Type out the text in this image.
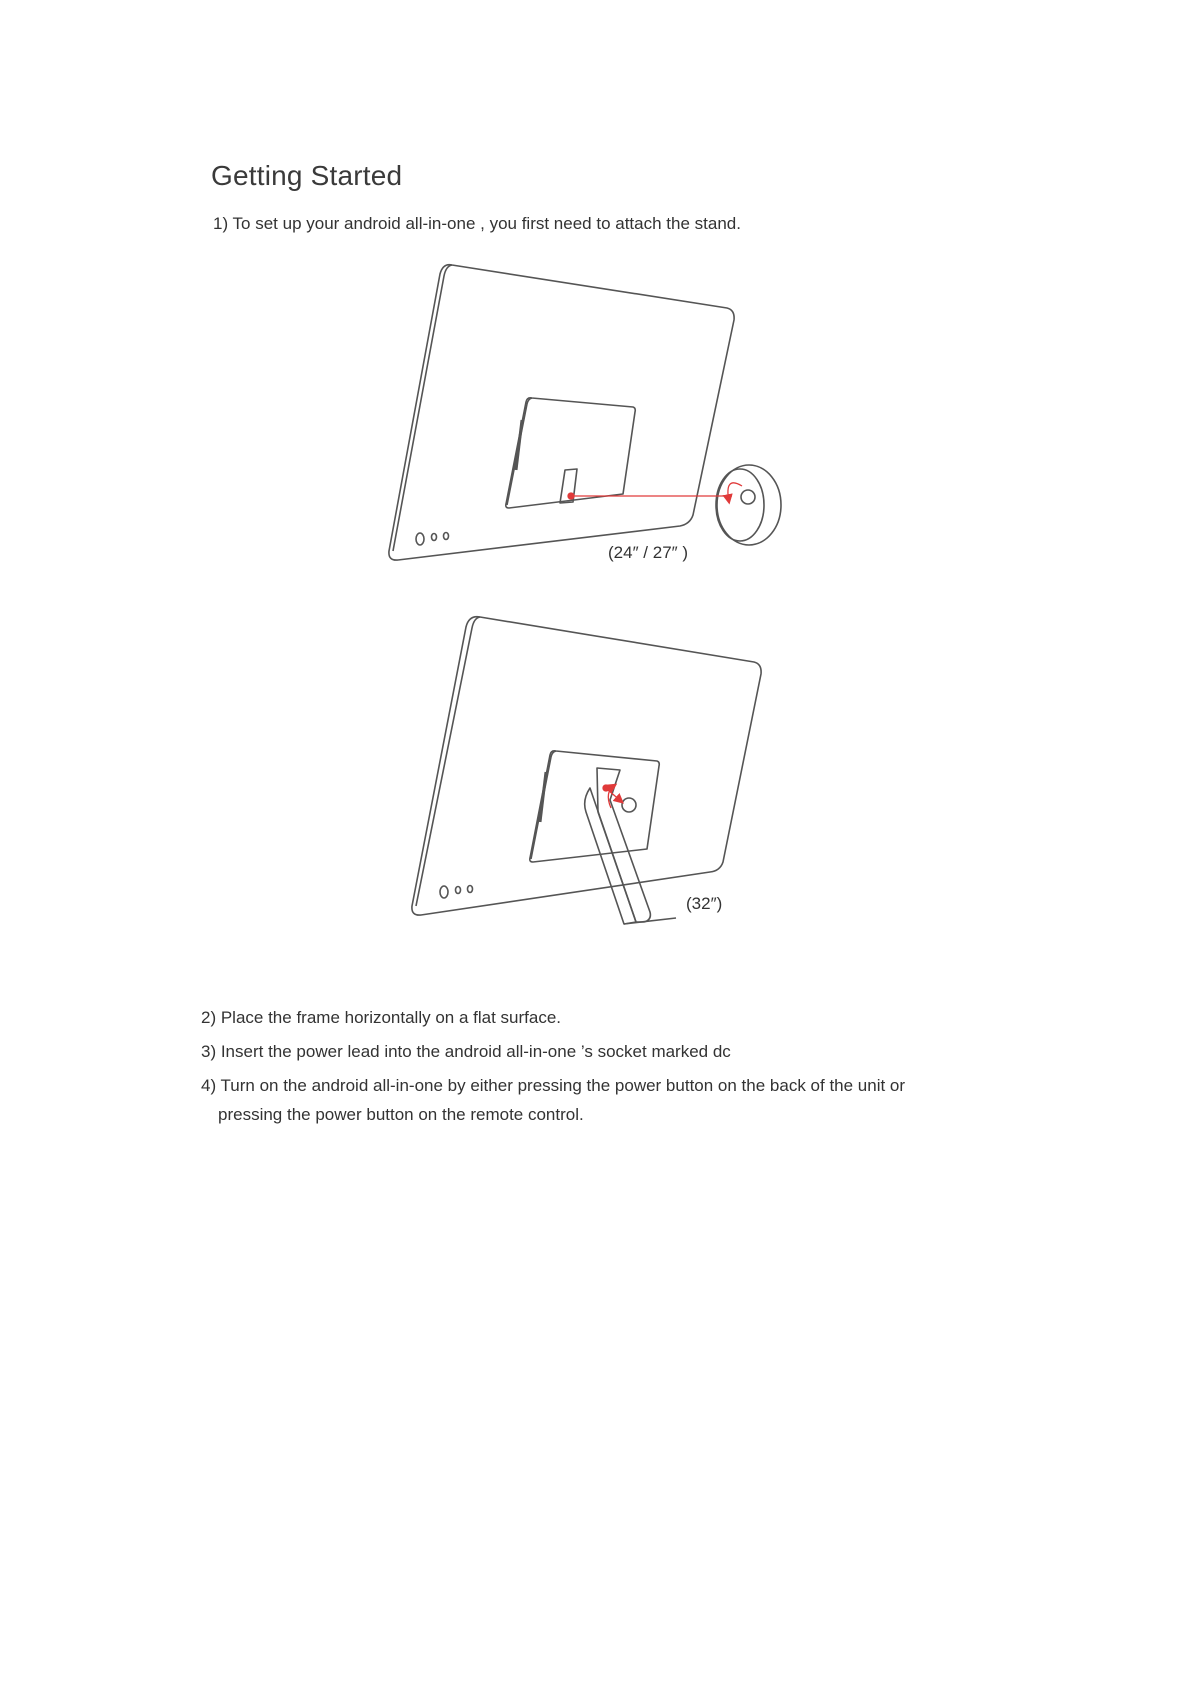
Getting Started

1) To set up your android all-in-one , you first need to attach the stand.

(24″ / 27″ )
(32″)

2) Place the frame horizontally on a flat surface.

3) Insert the power lead into the android all-in-one ’s socket marked dc

4) Turn on the android all-in-one by either pressing the power button on the back of the unit or

pressing the power button on the remote control.
